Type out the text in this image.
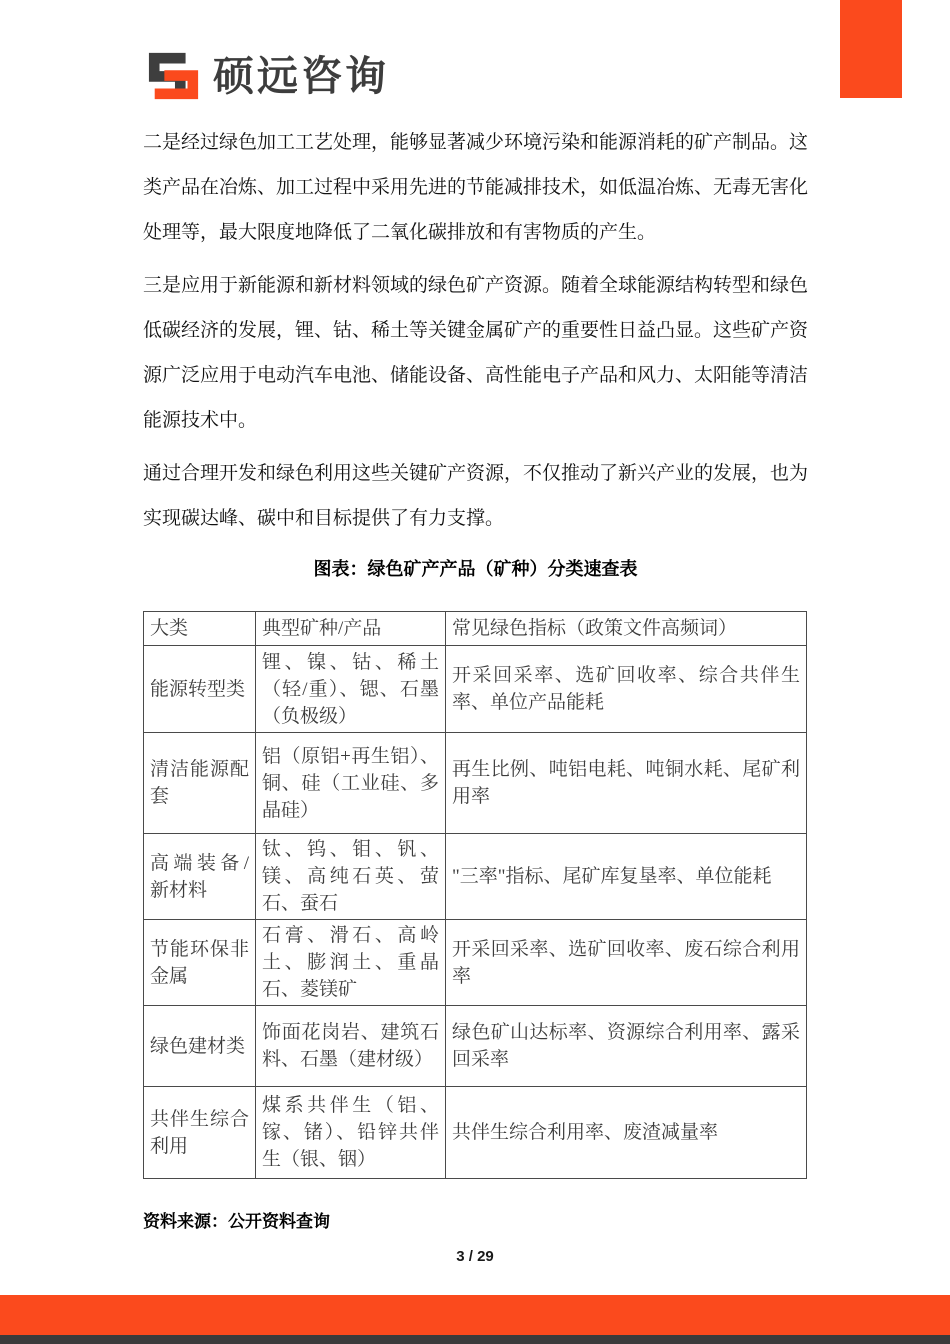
硕远咨询

二是经过绿色加工工艺处理，能够显著减少环境污染和能源消耗的矿产制品。这类产品在冶炼、加工过程中采用先进的节能减排技术，如低温冶炼、无毒无害化处理等，最大限度地降低了二氧化碳排放和有害物质的产生。

三是应用于新能源和新材料领域的绿色矿产资源。随着全球能源结构转型和绿色低碳经济的发展，锂、钴、稀土等关键金属矿产的重要性日益凸显。这些矿产资源广泛应用于电动汽车电池、储能设备、高性能电子产品和风力、太阳能等清洁能源技术中。

通过合理开发和绿色利用这些关键矿产资源，不仅推动了新兴产业的发展，也为实现碳达峰、碳中和目标提供了有力支撑。

图表：绿色矿产产品（矿种）分类速查表
大类	典型矿种/产品	常见绿色指标（政策文件高频词）
能源转型类	锂、镍、钴、稀土（轻/重）、锶、石墨（负极级）	开采回采率、选矿回收率、综合共伴生率、单位产品能耗
清洁能源配套	铝（原铝+再生铝）、铜、硅（工业硅、多晶硅）	再生比例、吨铝电耗、吨铜水耗、尾矿利用率
高端装备/新材料	钛、钨、钼、钒、镁、高纯石英、萤石、蚕石	"三率"指标、尾矿库复垦率、单位能耗
节能环保非金属	石膏、滑石、高岭土、膨润土、重晶石、菱镁矿	开采回采率、选矿回收率、废石综合利用率
绿色建材类	饰面花岗岩、建筑石料、石墨（建材级）	绿色矿山达标率、资源综合利用率、露采回采率
共伴生综合利用	煤系共伴生（铝、镓、锗）、铅锌共伴生（银、铟）	共伴生综合利用率、废渣减量率
资料来源：公开资料查询
3 / 29
